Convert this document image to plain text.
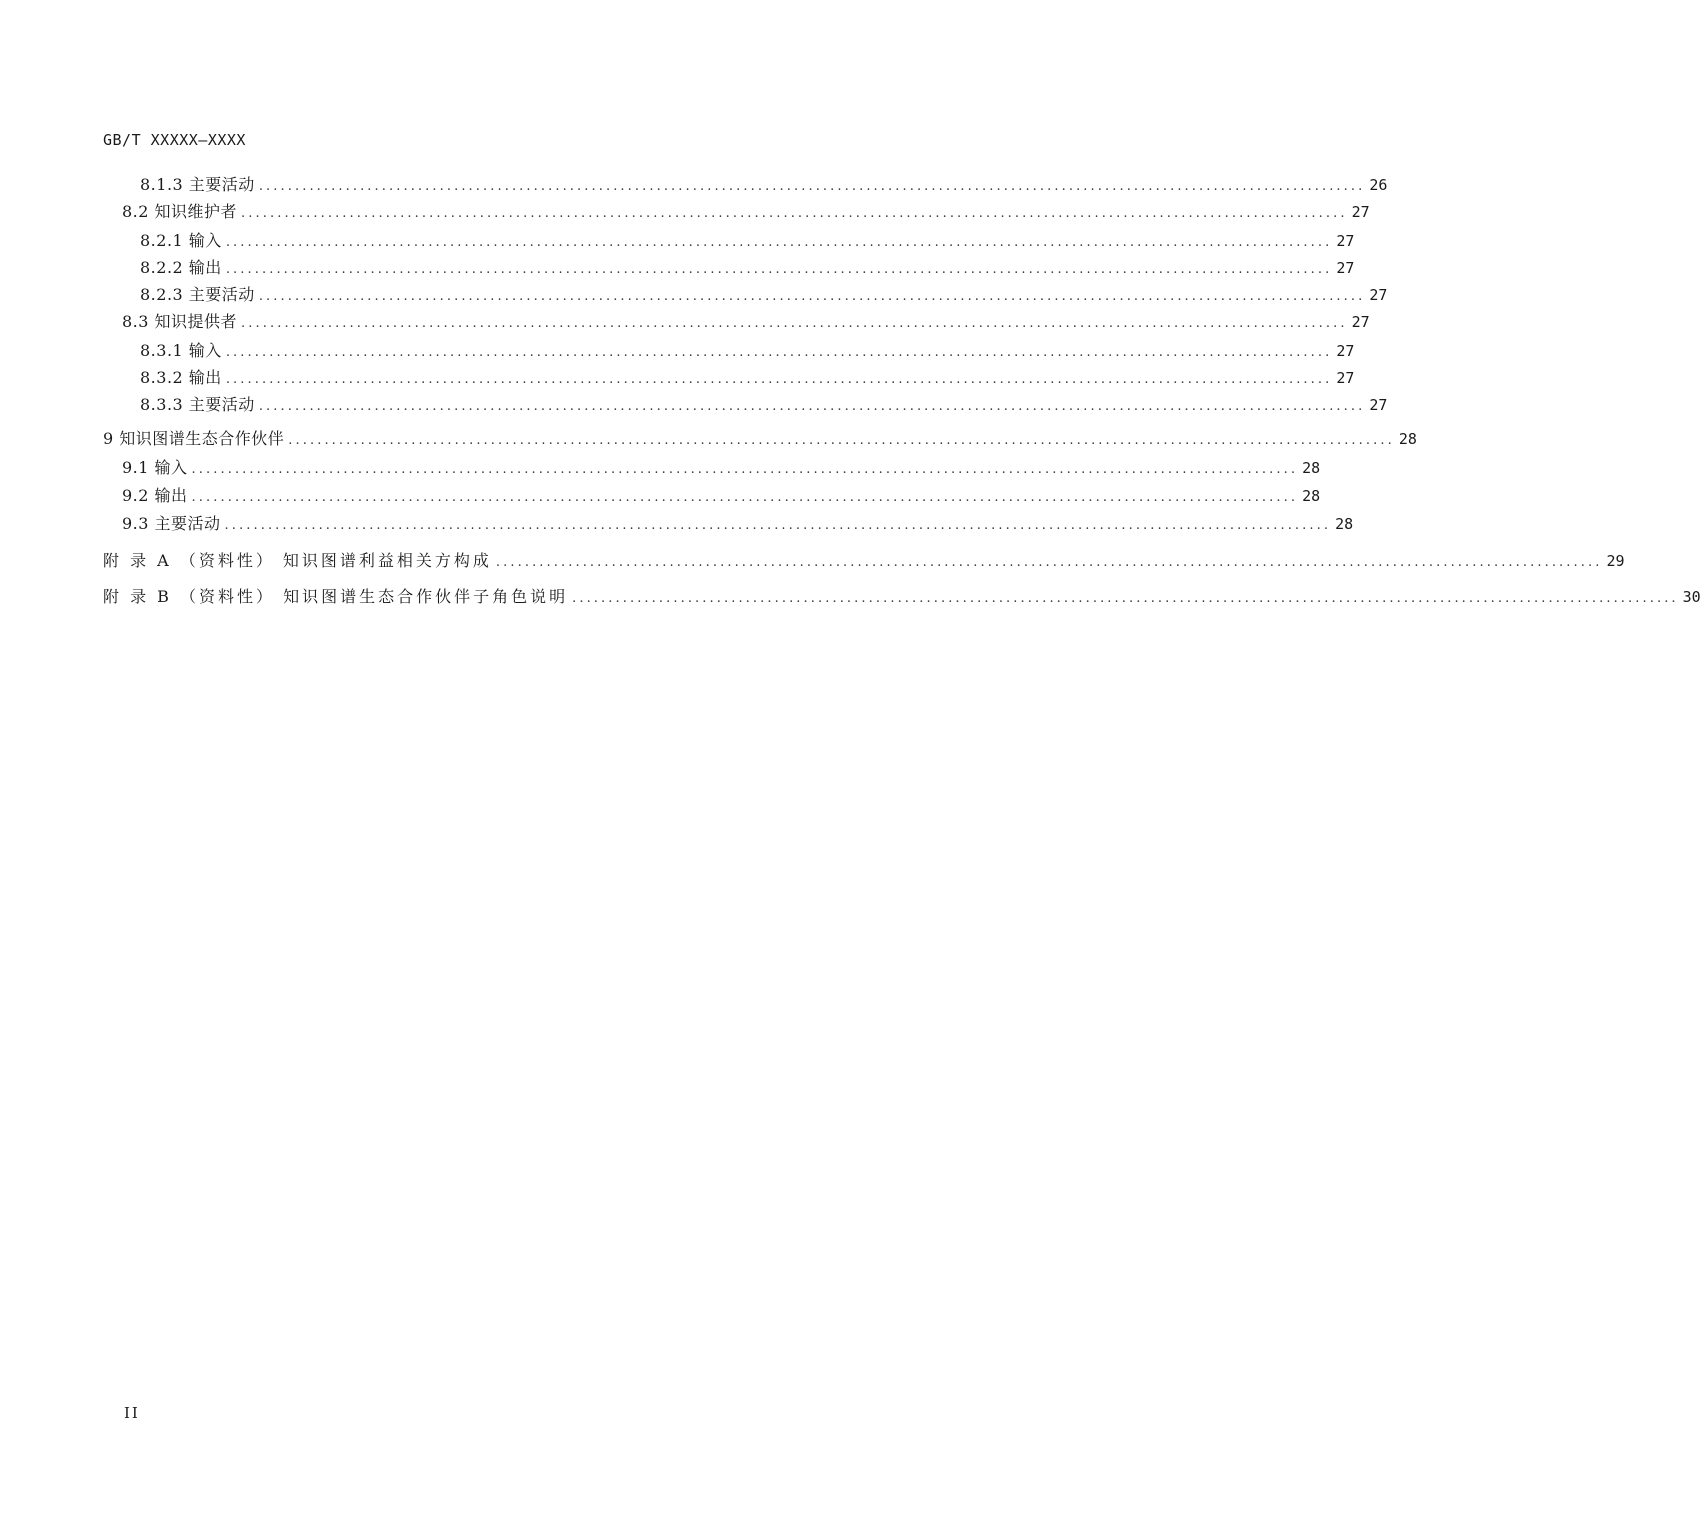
GB/T XXXXX—XXXX
8.1.3 主要活动 ......................................................................................................................................................... 26
8.2 知识维护者 ......................................................................................................................................................... 27
8.2.1 输入 ......................................................................................................................................................... 27
8.2.2 输出 ......................................................................................................................................................... 27
8.2.3 主要活动 ......................................................................................................................................................... 27
8.3 知识提供者 ......................................................................................................................................................... 27
8.3.1 输入 ......................................................................................................................................................... 27
8.3.2 输出 ......................................................................................................................................................... 27
8.3.3 主要活动 ......................................................................................................................................................... 27
9 知识图谱生态合作伙伴 ......................................................................................................................................................... 28
9.1 输入 ......................................................................................................................................................... 28
9.2 输出 ......................................................................................................................................................... 28
9.3 主要活动 ......................................................................................................................................................... 28
附 录 A （资料性） 知识图谱利益相关方构成 ......................................................................................................................................................... 29
附 录 B （资料性） 知识图谱生态合作伙伴子角色说明 ......................................................................................................................................................... 30
II
